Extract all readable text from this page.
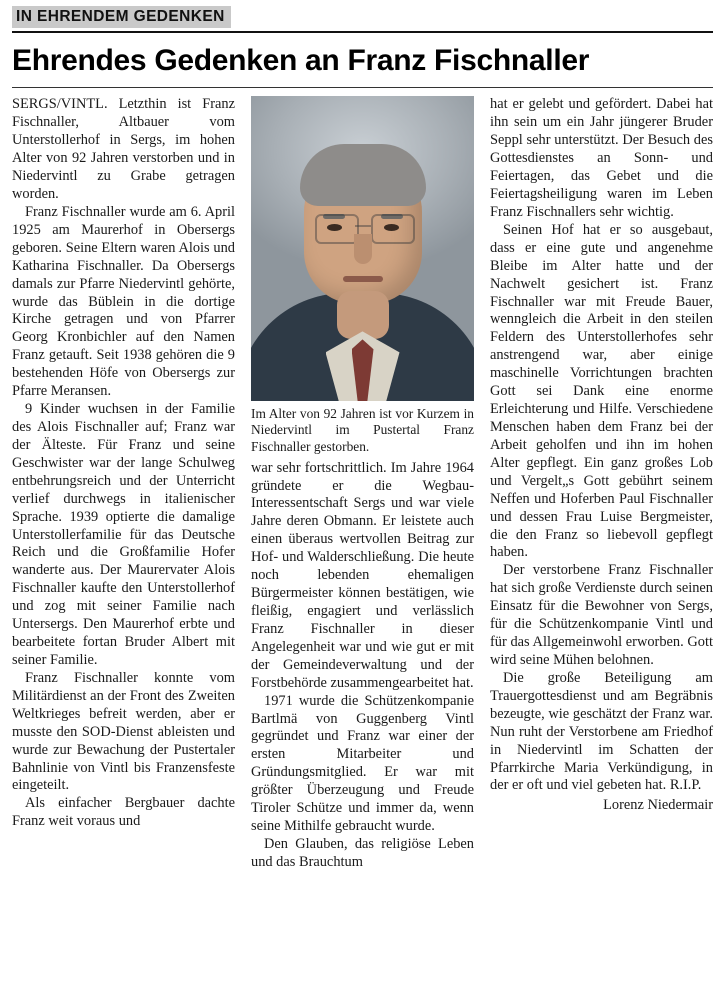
IN EHRENDEM GEDENKEN
Ehrendes Gedenken an Franz Fischnaller

SERGS/VINTL. Letzthin ist Franz Fischnaller, Altbauer vom Unterstollerhof in Sergs, im hohen Alter von 92 Jahren verstorben und in Niedervintl zu Grabe getragen worden.

Franz Fischnaller wurde am 6. April 1925 am Maurerhof in Obersergs geboren. Seine Eltern waren Alois und Katharina Fischnaller. Da Obersergs damals zur Pfarre Niedervintl gehörte, wurde das Büblein in die dortige Kirche getragen und von Pfarrer Georg Kronbichler auf den Namen Franz getauft. Seit 1938 gehören die 9 bestehenden Höfe von Obersergs zur Pfarre Meransen.

9 Kinder wuchsen in der Familie des Alois Fischnaller auf; Franz war der Älteste. Für Franz und seine Geschwister war der lange Schulweg entbehrungsreich und der Unterricht verlief durchwegs in italienischer Sprache. 1939 optierte die damalige Unterstollerfamilie für das Deutsche Reich und die Großfamilie Hofer wanderte aus. Der Maurervater Alois Fischnaller kaufte den Unterstollerhof und zog mit seiner Familie nach Untersergs. Den Maurerhof erbte und bearbeitete fortan Bruder Albert mit seiner Familie.

Franz Fischnaller konnte vom Militärdienst an der Front des Zweiten Weltkrieges befreit werden, aber er musste den SOD-Dienst ableisten und wurde zur Bewachung der Pustertaler Bahnlinie von Vintl bis Franzensfeste eingeteilt.

Als einfacher Bergbauer dachte Franz weit voraus und

Im Alter von 92 Jahren ist vor Kurzem in Niedervintl im Pustertal Franz Fischnaller gestorben.

war sehr fortschrittlich. Im Jahre 1964 gründete er die Wegbau-Interessentschaft Sergs und war viele Jahre deren Obmann. Er leistete auch einen überaus wertvollen Beitrag zur Hof- und Walderschließung. Die heute noch lebenden ehemaligen Bürgermeister können bestätigen, wie fleißig, engagiert und verlässlich Franz Fischnaller in dieser Angelegenheit war und wie gut er mit der Gemeindeverwaltung und der Forstbehörde zusammengearbeitet hat.

1971 wurde die Schützenkompanie Bartlmä von Guggenberg Vintl gegründet und Franz war einer der ersten Mitarbeiter und Gründungsmitglied. Er war mit größter Überzeugung und Freude Tiroler Schütze und immer da, wenn seine Mithilfe gebraucht wurde.

Den Glauben, das religiöse Leben und das Brauchtum

hat er gelebt und gefördert. Dabei hat ihn sein um ein Jahr jüngerer Bruder Seppl sehr unterstützt. Der Besuch des Gottesdienstes an Sonn- und Feiertagen, das Gebet und die Feiertagsheiligung waren im Leben Franz Fischnallers sehr wichtig.

Seinen Hof hat er so ausgebaut, dass er eine gute und angenehme Bleibe im Alter hatte und der Nachwelt gesichert ist. Franz Fischnaller war mit Freude Bauer, wenngleich die Arbeit in den steilen Feldern des Unterstollerhofes sehr anstrengend war, aber einige maschinelle Vorrichtungen brachten Gott sei Dank eine enorme Erleichterung und Hilfe. Verschiedene Menschen haben dem Franz bei der Arbeit geholfen und ihn im hohen Alter gepflegt. Ein ganz großes Lob und Vergelt„s Gott gebührt seinem Neffen und Hoferben Paul Fischnaller und dessen Frau Luise Bergmeister, die den Franz so liebevoll gepflegt haben.

Der verstorbene Franz Fischnaller hat sich große Verdienste durch seinen Einsatz für die Bewohner von Sergs, für die Schützenkompanie Vintl und für das Allgemeinwohl erworben. Gott wird seine Mühen belohnen.

Die große Beteiligung am Trauergottesdienst und am Begräbnis bezeugte, wie geschätzt der Franz war. Nun ruht der Verstorbene am Friedhof in Niedervintl im Schatten der Pfarrkirche Maria Verkündigung, in der er oft und viel gebeten hat. R.I.P.

Lorenz Niedermair
